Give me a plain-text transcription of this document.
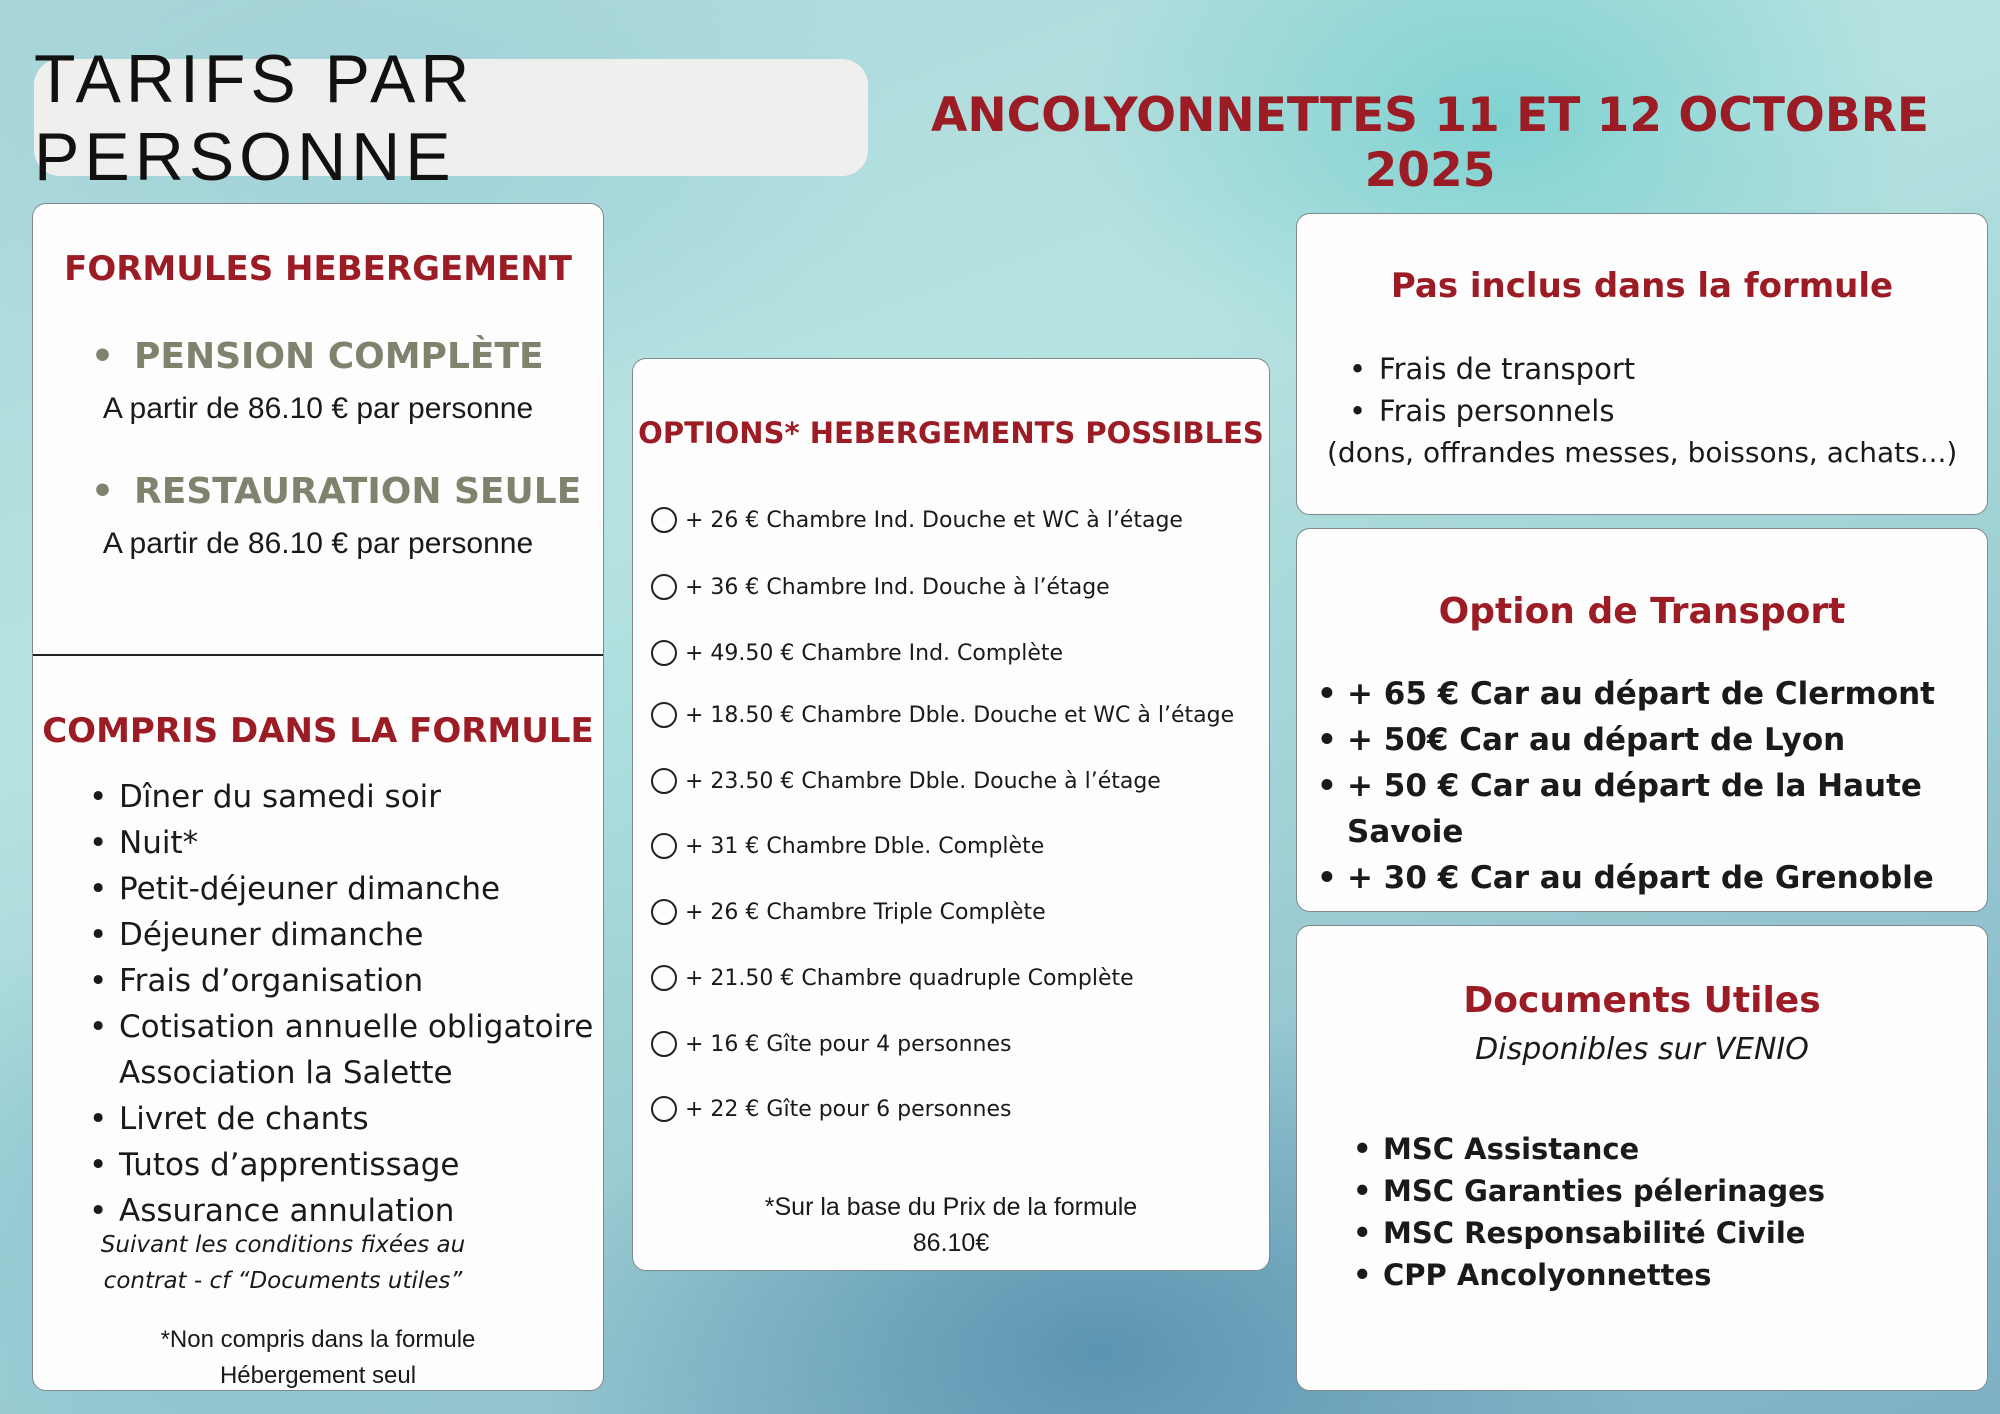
TARIFS PAR PERSONNE
ANCOLYONNETTES 11 ET 12 OCTOBRE 2025
FORMULES HEBERGEMENT
• PENSION COMPLÈTE
A partir de 86.10 € par personne
• RESTAURATION SEULE
A partir de 86.10 € par personne
COMPRIS DANS LA FORMULE
• Dîner du samedi soir
• Nuit*
• Petit-déjeuner dimanche
• Déjeuner dimanche
• Frais d’organisation
• Cotisation annuelle obligatoire
Association la Salette
• Livret de chants
• Tutos d’apprentissage
• Assurance annulation
Suivant les conditions fixées au
contrat - cf “Documents utiles”
*Non compris dans la formule
Hébergement seul
OPTIONS* HEBERGEMENTS POSSIBLES
+ 26 € Chambre Ind. Douche et WC à l’étage
+ 36 € Chambre Ind. Douche à l’étage
+ 49.50 € Chambre Ind. Complète
+ 18.50 € Chambre Dble. Douche et WC à l’étage
+ 23.50 € Chambre Dble. Douche à l’étage
+ 31 € Chambre Dble. Complète
+ 26 € Chambre Triple Complète
+ 21.50 € Chambre quadruple Complète
+ 16 € Gîte pour 4 personnes
+ 22 € Gîte pour 6 personnes
*Sur la base du Prix de la formule
86.10€
Pas inclus dans la formule
• Frais de transport
• Frais personnels
(dons, offrandes messes, boissons, achats...)
Option de Transport
• + 65 € Car au départ de Clermont
• + 50€ Car au départ de Lyon
• + 50 € Car au départ de la Haute Savoie
• + 30 € Car au départ de Grenoble
Documents Utiles
Disponibles sur VENIO
• MSC Assistance
• MSC Garanties pélerinages
• MSC Responsabilité Civile
• CPP Ancolyonnettes
